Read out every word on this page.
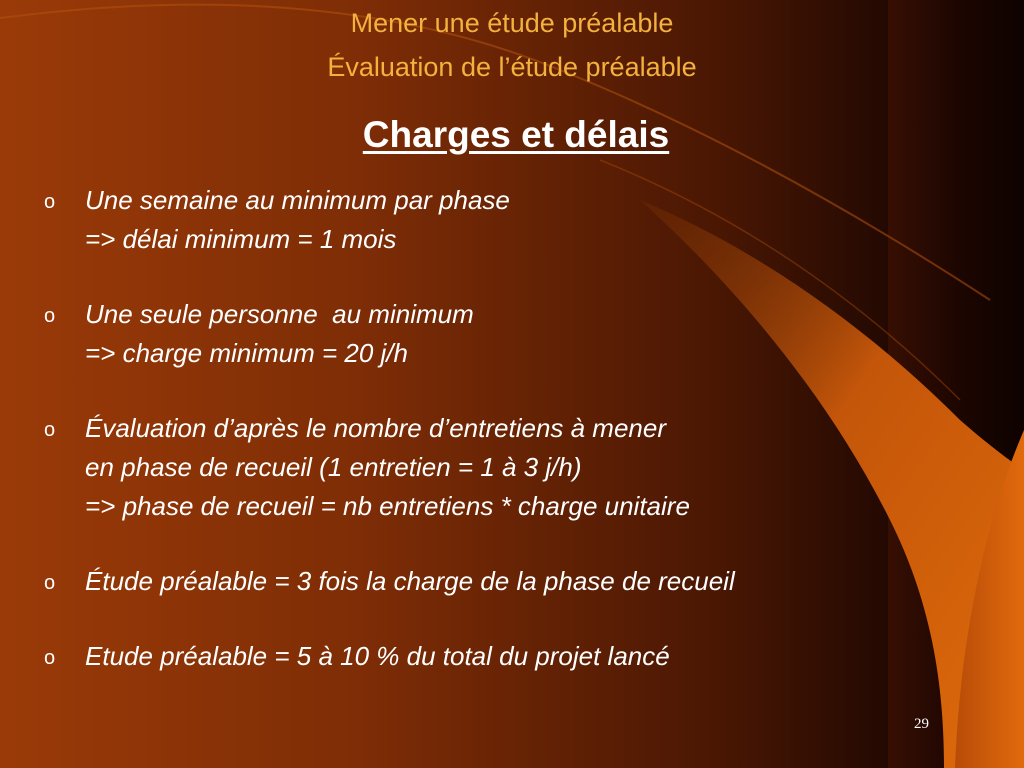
Mener une étude préalable
Évaluation de l’étude préalable
Charges et délais
o Une semaine au minimum par phase
=> délai minimum = 1 mois
o Une seule personne  au minimum
=> charge minimum = 20 j/h
o Évaluation d’après le nombre d’entretiens à mener
en phase de recueil (1 entretien = 1 à 3 j/h)
=> phase de recueil = nb entretiens * charge unitaire
o Étude préalable = 3 fois la charge de la phase de recueil
o Etude préalable = 5 à 10 % du total du projet lancé
29
